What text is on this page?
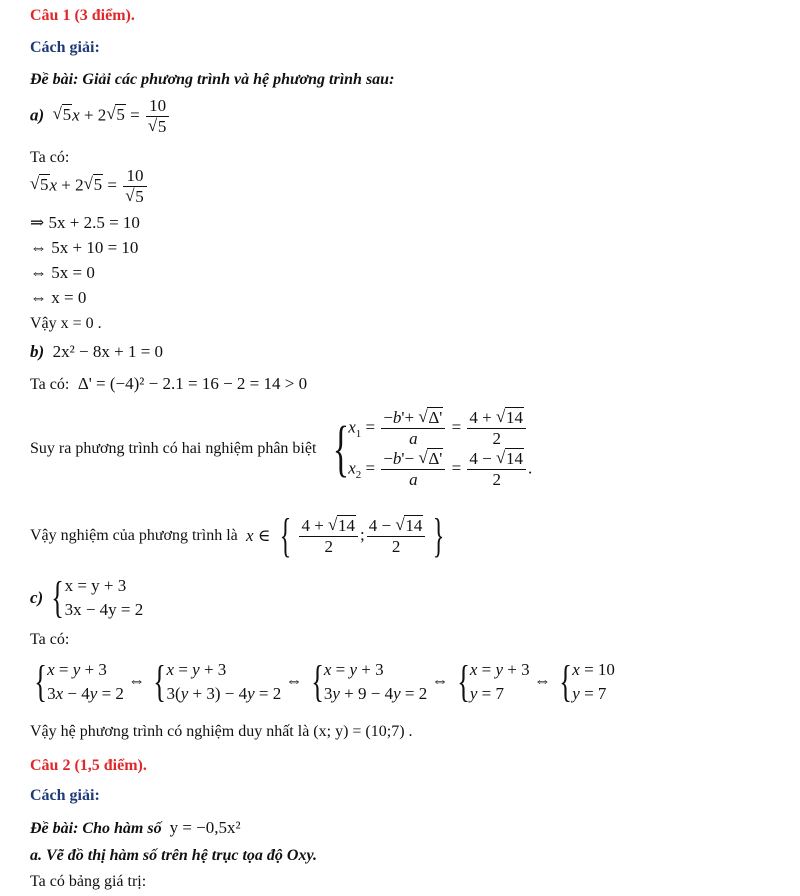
Câu 1 (3 điểm).
Cách giải:
Đề bài: Giải các phương trình và hệ phương trình sau:
a) √ 5x + 2 √ 5 = 10
√ 5
Ta có:
√ 5x + 2 √ 5 = 10
√ 5
⇒ 5x + 2.5 = 10
⇔ 5x + 10 = 10
⇔ 5x = 0
⇔ x = 0
Vậy x = 0 .
b) 2x² − 8x + 1 = 0
Ta có: Δ' = (−4)² − 2.1 = 16 − 2 = 14 > 0
Suy ra phương trình có hai nghiệm phân biệt {
$x_1 = \frac{-b'+ √ \Delta'}{a} = \frac{4 + √ 14}{2}$
$x_2 = \frac{-b'- √ \Delta'}{a} = \frac{4 - √ 14}{2}$ .
Vậy nghiệm của phương trình là x ∈ { $\frac{4 + √ 14}{2}$ ; $\frac{4 - √ 14}{2}$ }
c) { x = y + 3
3x − 4y = 2
Ta có:
{ x = y + 3
3x − 4y = 2
⇔ { x = y + 3
3(y + 3) − 4y = 2
⇔ { x = y + 3
3y + 9 − 4y = 2
⇔ { x = y + 3
y = 7
⇔ { x = 10
y = 7
Vậy hệ phương trình có nghiệm duy nhất là (x; y) = (10;7) .
Câu 2 (1,5 điểm).
Cách giải:
Đề bài: Cho hàm số y = −0,5x²
a. Vẽ đồ thị hàm số trên hệ trục tọa độ Oxy.
Ta có bảng giá trị:
